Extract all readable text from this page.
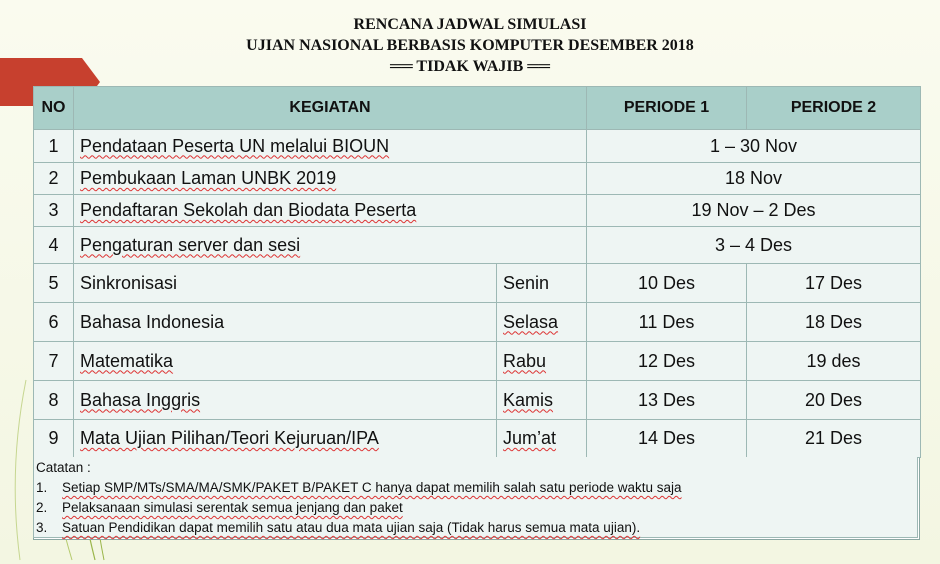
RENCANA JADWAL SIMULASI
UJIAN NASIONAL BERBASIS KOMPUTER DESEMBER 2018
══ TIDAK WAJIB ══
NO	KEGIATAN		PERIODE 1	PERIODE 2
1	Pendataan Peserta UN melalui BIOUN		1 – 30 Nov	
2	Pembukaan Laman UNBK 2019		18 Nov	
3	Pendaftaran Sekolah dan Biodata Peserta		19 Nov – 2 Des	
4	Pengaturan server dan sesi		3 – 4 Des	
5	Sinkronisasi	Senin	10 Des	17 Des
6	Bahasa Indonesia	Selasa	11 Des	18 Des
7	Matematika	Rabu	12 Des	19 des
8	Bahasa Inggris	Kamis	13 Des	20 Des
9	Mata Ujian Pilihan/Teori Kejuruan/IPA	Jum’at	14 Des	21 Des
Catatan :
1. Setiap SMP/MTs/SMA/MA/SMK/PAKET B/PAKET C hanya dapat memilih salah satu periode waktu saja
2. Pelaksanaan simulasi serentak semua jenjang dan paket
3. Satuan Pendidikan dapat memilih satu atau dua mata ujian saja (Tidak harus semua mata ujian).
